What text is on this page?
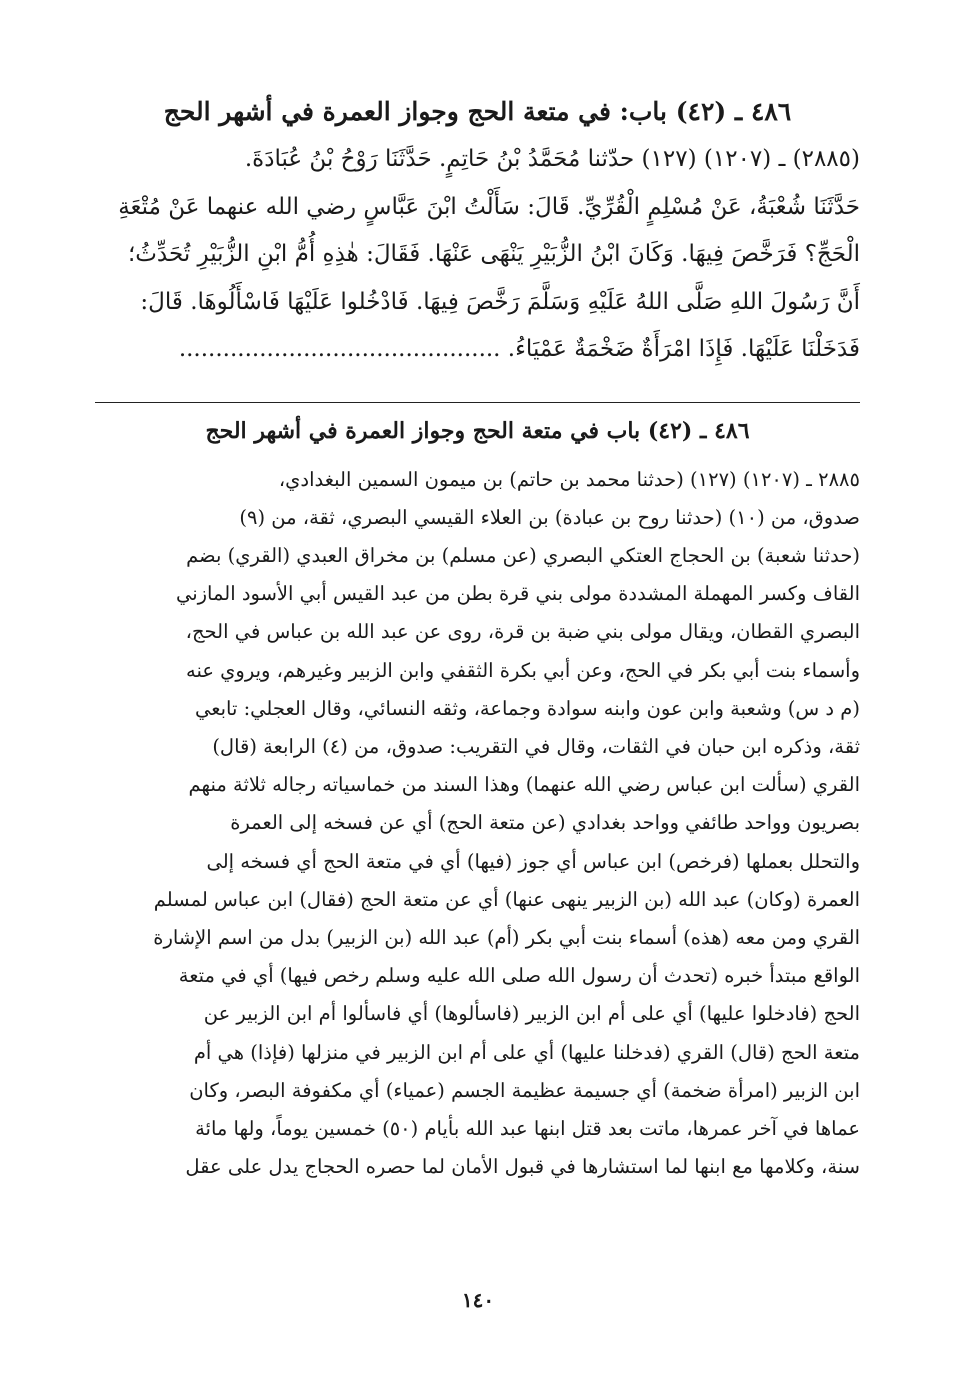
٤٨٦ ـ (٤٢) باب: في متعة الحج وجواز العمرة في أشهر الحج

(٢٨٨٥) ـ (١٢٠٧) (١٢٧) حدّثنا مُحَمَّدُ بْنُ حَاتِمٍ. حَدَّثَنَا رَوْحُ بْنُ عُبَادَةَ.

حَدَّثَنَا شُعْبَةُ، عَنْ مُسْلِمٍ الْقُرِّيِّ. قَالَ: سَأَلْتُ ابْنَ عَبَّاسٍ رضي الله عنهما عَنْ مُتْعَةِ

الْحَجِّ؟ فَرَخَّصَ فِيهَا. وَكَانَ ابْنُ الزُّبَيْرِ يَنْهَى عَنْهَا. فَقَالَ: هٰذِهِ أُمُّ ابْنِ الزُّبَيْرِ تُحَدِّثُ؛

أَنَّ رَسُولَ اللهِ صَلَّى اللهُ عَلَيْهِ وَسَلَّمَ رَخَّصَ فِيهَا. فَادْخُلوا عَلَيْهَا فَاسْأَلُوهَا. قَالَ:

فَدَخَلْنَا عَلَيْهَا. فَإِذَا امْرَأَةٌ ضَخْمَةٌ عَمْيَاءُ. ............................................

٤٨٦ ـ (٤٢) باب في متعة الحج وجواز العمرة في أشهر الحج

٢٨٨٥ ـ (١٢٠٧) (١٢٧) (حدثنا محمد بن حاتم) بن ميمون السمين البغدادي،

صدوق، من (١٠) (حدثنا روح بن عبادة) بن العلاء القيسي البصري، ثقة، من (٩)

(حدثنا شعبة) بن الحجاج العتكي البصري (عن مسلم) بن مخراق العبدي (القري) بضم

القاف وكسر المهملة المشددة مولى بني قرة بطن من عبد القيس أبي الأسود المازني

البصري القطان، ويقال مولى بني ضبة بن قرة، روى عن عبد الله بن عباس في الحج،

وأسماء بنت أبي بكر في الحج، وعن أبي بكرة الثقفي وابن الزبير وغيرهم، ويروي عنه

(م د س) وشعبة وابن عون وابنه سوادة وجماعة، وثقه النسائي، وقال العجلي: تابعي

ثقة، وذكره ابن حبان في الثقات، وقال في التقريب: صدوق، من (٤) الرابعة (قال)

القري (سألت ابن عباس رضي الله عنهما) وهذا السند من خماسياته رجاله ثلاثة منهم

بصريون وواحد طائفي وواحد بغدادي (عن متعة الحج) أي عن فسخه إلى العمرة

والتحلل بعملها (فرخص) ابن عباس أي جوز (فيها) أي في متعة الحج أي فسخه إلى

العمرة (وكان) عبد الله (بن الزبير ينهى عنها) أي عن متعة الحج (فقال) ابن عباس لمسلم

القري ومن معه (هذه) أسماء بنت أبي بكر (أم) عبد الله (بن الزبير) بدل من اسم الإشارة

الواقع مبتدأ خبره (تحدث أن رسول الله صلى الله عليه وسلم رخص فيها) أي في متعة

الحج (فادخلوا عليها) أي على أم ابن الزبير (فاسألوها) أي فاسألوا أم ابن الزبير عن

متعة الحج (قال) القري (فدخلنا عليها) أي على أم ابن الزبير في منزلها (فإذا) هي أم

ابن الزبير (امرأة ضخمة) أي جسيمة عظيمة الجسم (عمياء) أي مكفوفة البصر، وكان

عماها في آخر عمرها، ماتت بعد قتل ابنها عبد الله بأيام (٥٠) خمسين يوماً، ولها مائة

سنة، وكلامها مع ابنها لما استشارها في قبول الأمان لما حصره الحجاج يدل على عقل

١٤٠
